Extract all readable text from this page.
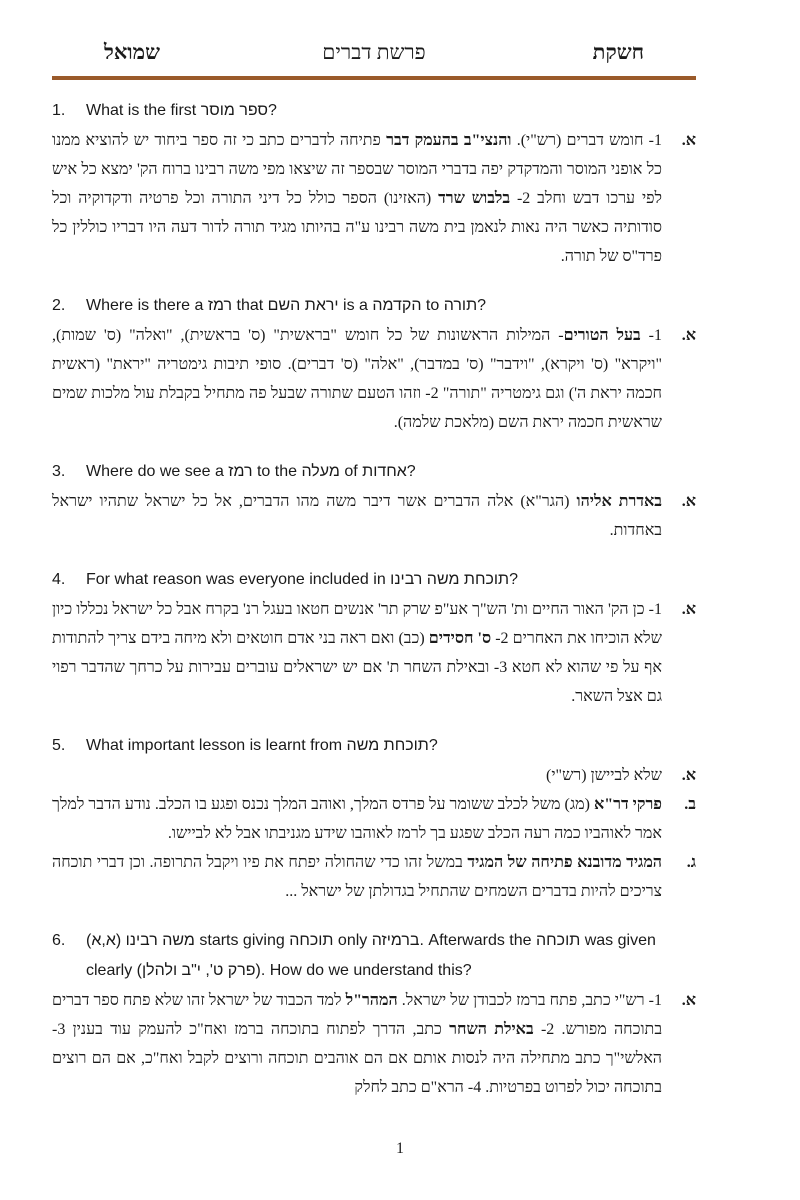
שמואל	פרשת דברים	חשקת
1.	What is the first ספר מוסר?
א.
1- חומש דברים (רש"י). והנצי"ב בהעמק דבר פתיחה לדברים כתב כי זה ספר ביחוד יש להוציא ממנו כל אופני המוסר והמדקדק יפה בדברי המוסר שבספר זה שיצאו מפי משה רבינו ברוח הק' ימצא כל איש לפי ערכו דבש וחלב 2- בלבוש שרד (האזינו) הספר כולל כל דיני התורה וכל פרטיה ודקדוקיה וכל סודותיה כאשר היה נאות לנאמן בית משה רבינו ע"ה בהיותו מגיד תורה לדור דעה היו דבריו כוללין כל פרד"ס של תורה.
2.	Where is there a רמז that יראת השם is a הקדמה to תורה?
א.
1- בעל הטורים- המילות הראשונות של כל חומש "בראשית" (ס' בראשית), "ואלה" (ס' שמות), "ויקרא" (ס' ויקרא), "וידבר" (ס' במדבר), "אלה" (ס' דברים). סופי תיבות גימטריה "יראת" (ראשית חכמה יראת ה') וגם גימטריה "תורה" 2- וזהו הטעם שתורה שבעל פה מתחיל בקבלת עול מלכות שמים שראשית חכמה יראת השם (מלאכת שלמה).
3.	Where do we see a רמז to the מעלה of אחדות?
א.
באדרת אליהו (הגר"א) אלה הדברים אשר דיבר משה מהו הדברים, אל כל ישראל שתהיו ישראל באחדות.
4.	For what reason was everyone included in תוכחת משה רבינו?
א.
1- כן הק' האור החיים ות' הש"ך אע"פ שרק תר' אנשים חטאו בעגל רנ' בקרח אבל כל ישראל נכללו כיון שלא הוכיחו את האחרים 2- ס' חסידים (כב) ואם ראה בני אדם חוטאים ולא מיחה בידם צריך להתודות אף על פי שהוא לא חטא 3- ובאילת השחר ת' אם יש ישראלים עוברים עבירות על כרחך שהדבר רפוי גם אצל השאר.
5.	What important lesson is learnt from תוכחת משה?
א.
שלא לביישן (רש"י)
ב.
פרקי דר"א (מג) משל לכלב ששומר על פרדס המלך, ואוהב המלך נכנס ופגע בו הכלב. נודע הדבר למלך אמר לאוהביו כמה רעה הכלב שפגע בך לרמז לאוהבו שידע מגניבתו אבל לא לביישו.
ג.
המגיד מדובנא פתיחה של המגיד במשל זהו כדי שהחולה יפתח את פיו ויקבל התרופה. וכן דברי תוכחה צריכים להיות בדברים השמחים שהתחיל בגדולתן של ישראל ...
6.	משה רבינו (א,א) starts giving תוכחה only ברמיזה. Afterwards the תוכחה was given clearly (פרק ט', י"ב ולהלן). How do we understand this?
א.
1- רש"י כתב, פתח ברמז לכבודן של ישראל. המהר"ל למד הכבוד של ישראל זהו שלא פתח ספר דברים בתוכחה מפורש. 2- באילת השחר כתב, הדרך לפתוח בתוכחה ברמז ואח"כ להעמק עוד בענין 3- האלשי"ך כתב מתחילה היה לנסות אותם אם הם אוהבים תוכחה ורוצים לקבל ואח"כ, אם הם רוצים בתוכחה יכול לפרוט בפרטיות. 4- הרא"ם כתב לחלק
1
